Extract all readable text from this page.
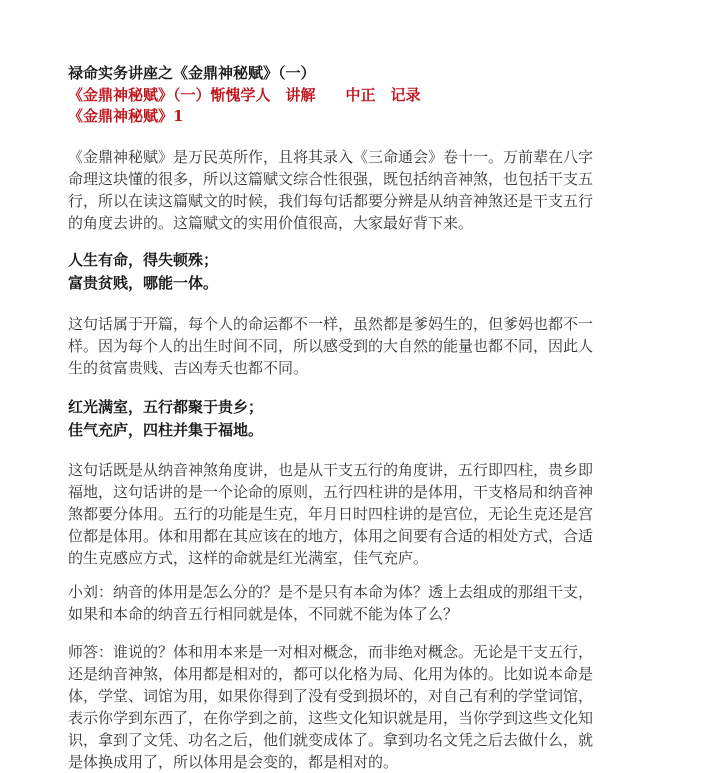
禄命实务讲座之《金鼎神秘赋》（一）
《金鼎神秘赋》（一）惭愧学人　讲解　　中正　记录
《金鼎神秘赋》1
《金鼎神秘赋》是万民英所作，且将其录入《三命通会》卷十一。万前辈在八字
命理这块懂的很多，所以这篇赋文综合性很强，既包括纳音神煞，也包括干支五
行，所以在读这篇赋文的时候，我们每句话都要分辨是从纳音神煞还是干支五行
的角度去讲的。这篇赋文的实用价值很高，大家最好背下来。
人生有命，得失顿殊；
富贵贫贱，哪能一体。
这句话属于开篇，每个人的命运都不一样，虽然都是爹妈生的，但爹妈也都不一
样。因为每个人的出生时间不同，所以感受到的大自然的能量也都不同，因此人
生的贫富贵贱、吉凶寿夭也都不同。
红光满室，五行都聚于贵乡；
佳气充庐，四柱并集于福地。
这句话既是从纳音神煞角度讲，也是从干支五行的角度讲，五行即四柱，贵乡即
福地，这句话讲的是一个论命的原则，五行四柱讲的是体用，干支格局和纳音神
煞都要分体用。五行的功能是生克，年月日时四柱讲的是宫位，无论生克还是宫
位都是体用。体和用都在其应该在的地方，体用之间要有合适的相处方式，合适
的生克感应方式，这样的命就是红光满室，佳气充庐。
小刘：纳音的体用是怎么分的？是不是只有本命为体？透上去组成的那组干支，
如果和本命的纳音五行相同就是体，不同就不能为体了么？
师答：谁说的？体和用本来是一对相对概念，而非绝对概念。无论是干支五行，
还是纳音神煞，体用都是相对的，都可以化格为局、化用为体的。比如说本命是
体，学堂、词馆为用，如果你得到了没有受到损坏的，对自己有利的学堂词馆，
表示你学到东西了，在你学到之前，这些文化知识就是用，当你学到这些文化知
识，拿到了文凭、功名之后，他们就变成体了。拿到功名文凭之后去做什么，就
是体换成用了，所以体用是会变的，都是相对的。
